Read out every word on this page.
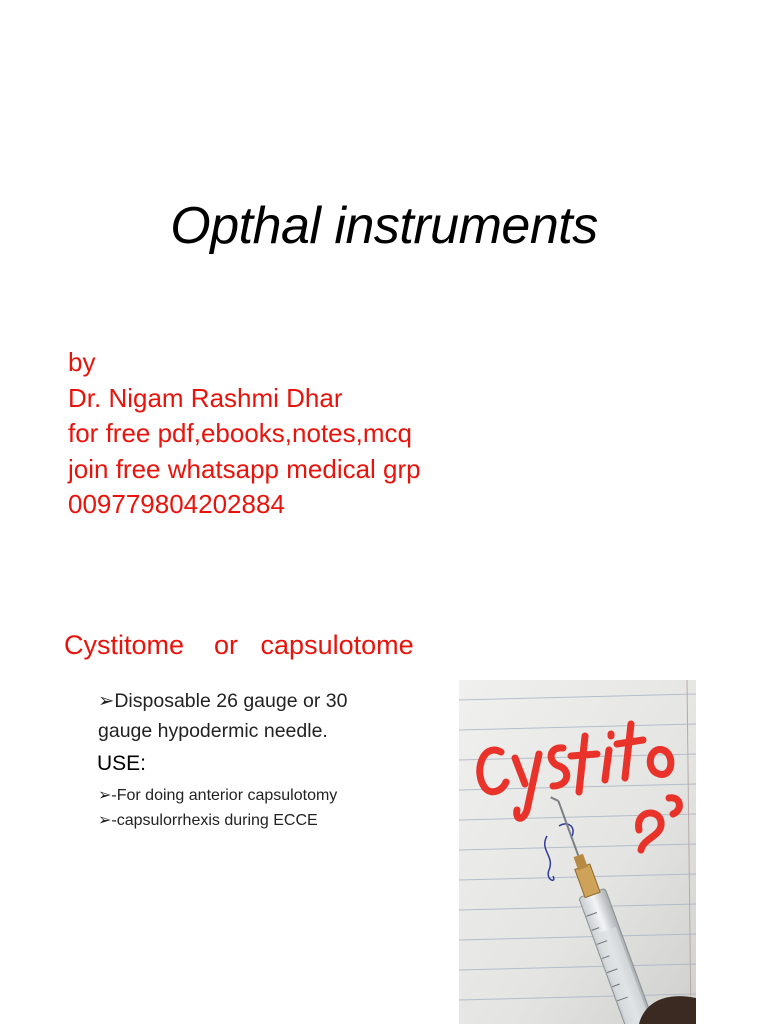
Opthal instruments
by
Dr. Nigam Rashmi Dhar
for free pdf,ebooks,notes,mcq
join free whatsapp medical grp
009779804202884
Cystitome    or   capsulotome
➢Disposable 26 gauge or 30 gauge hypodermic needle.
USE:
➢-For doing anterior capsulotomy
➢-capsulorrhexis during ECCE
